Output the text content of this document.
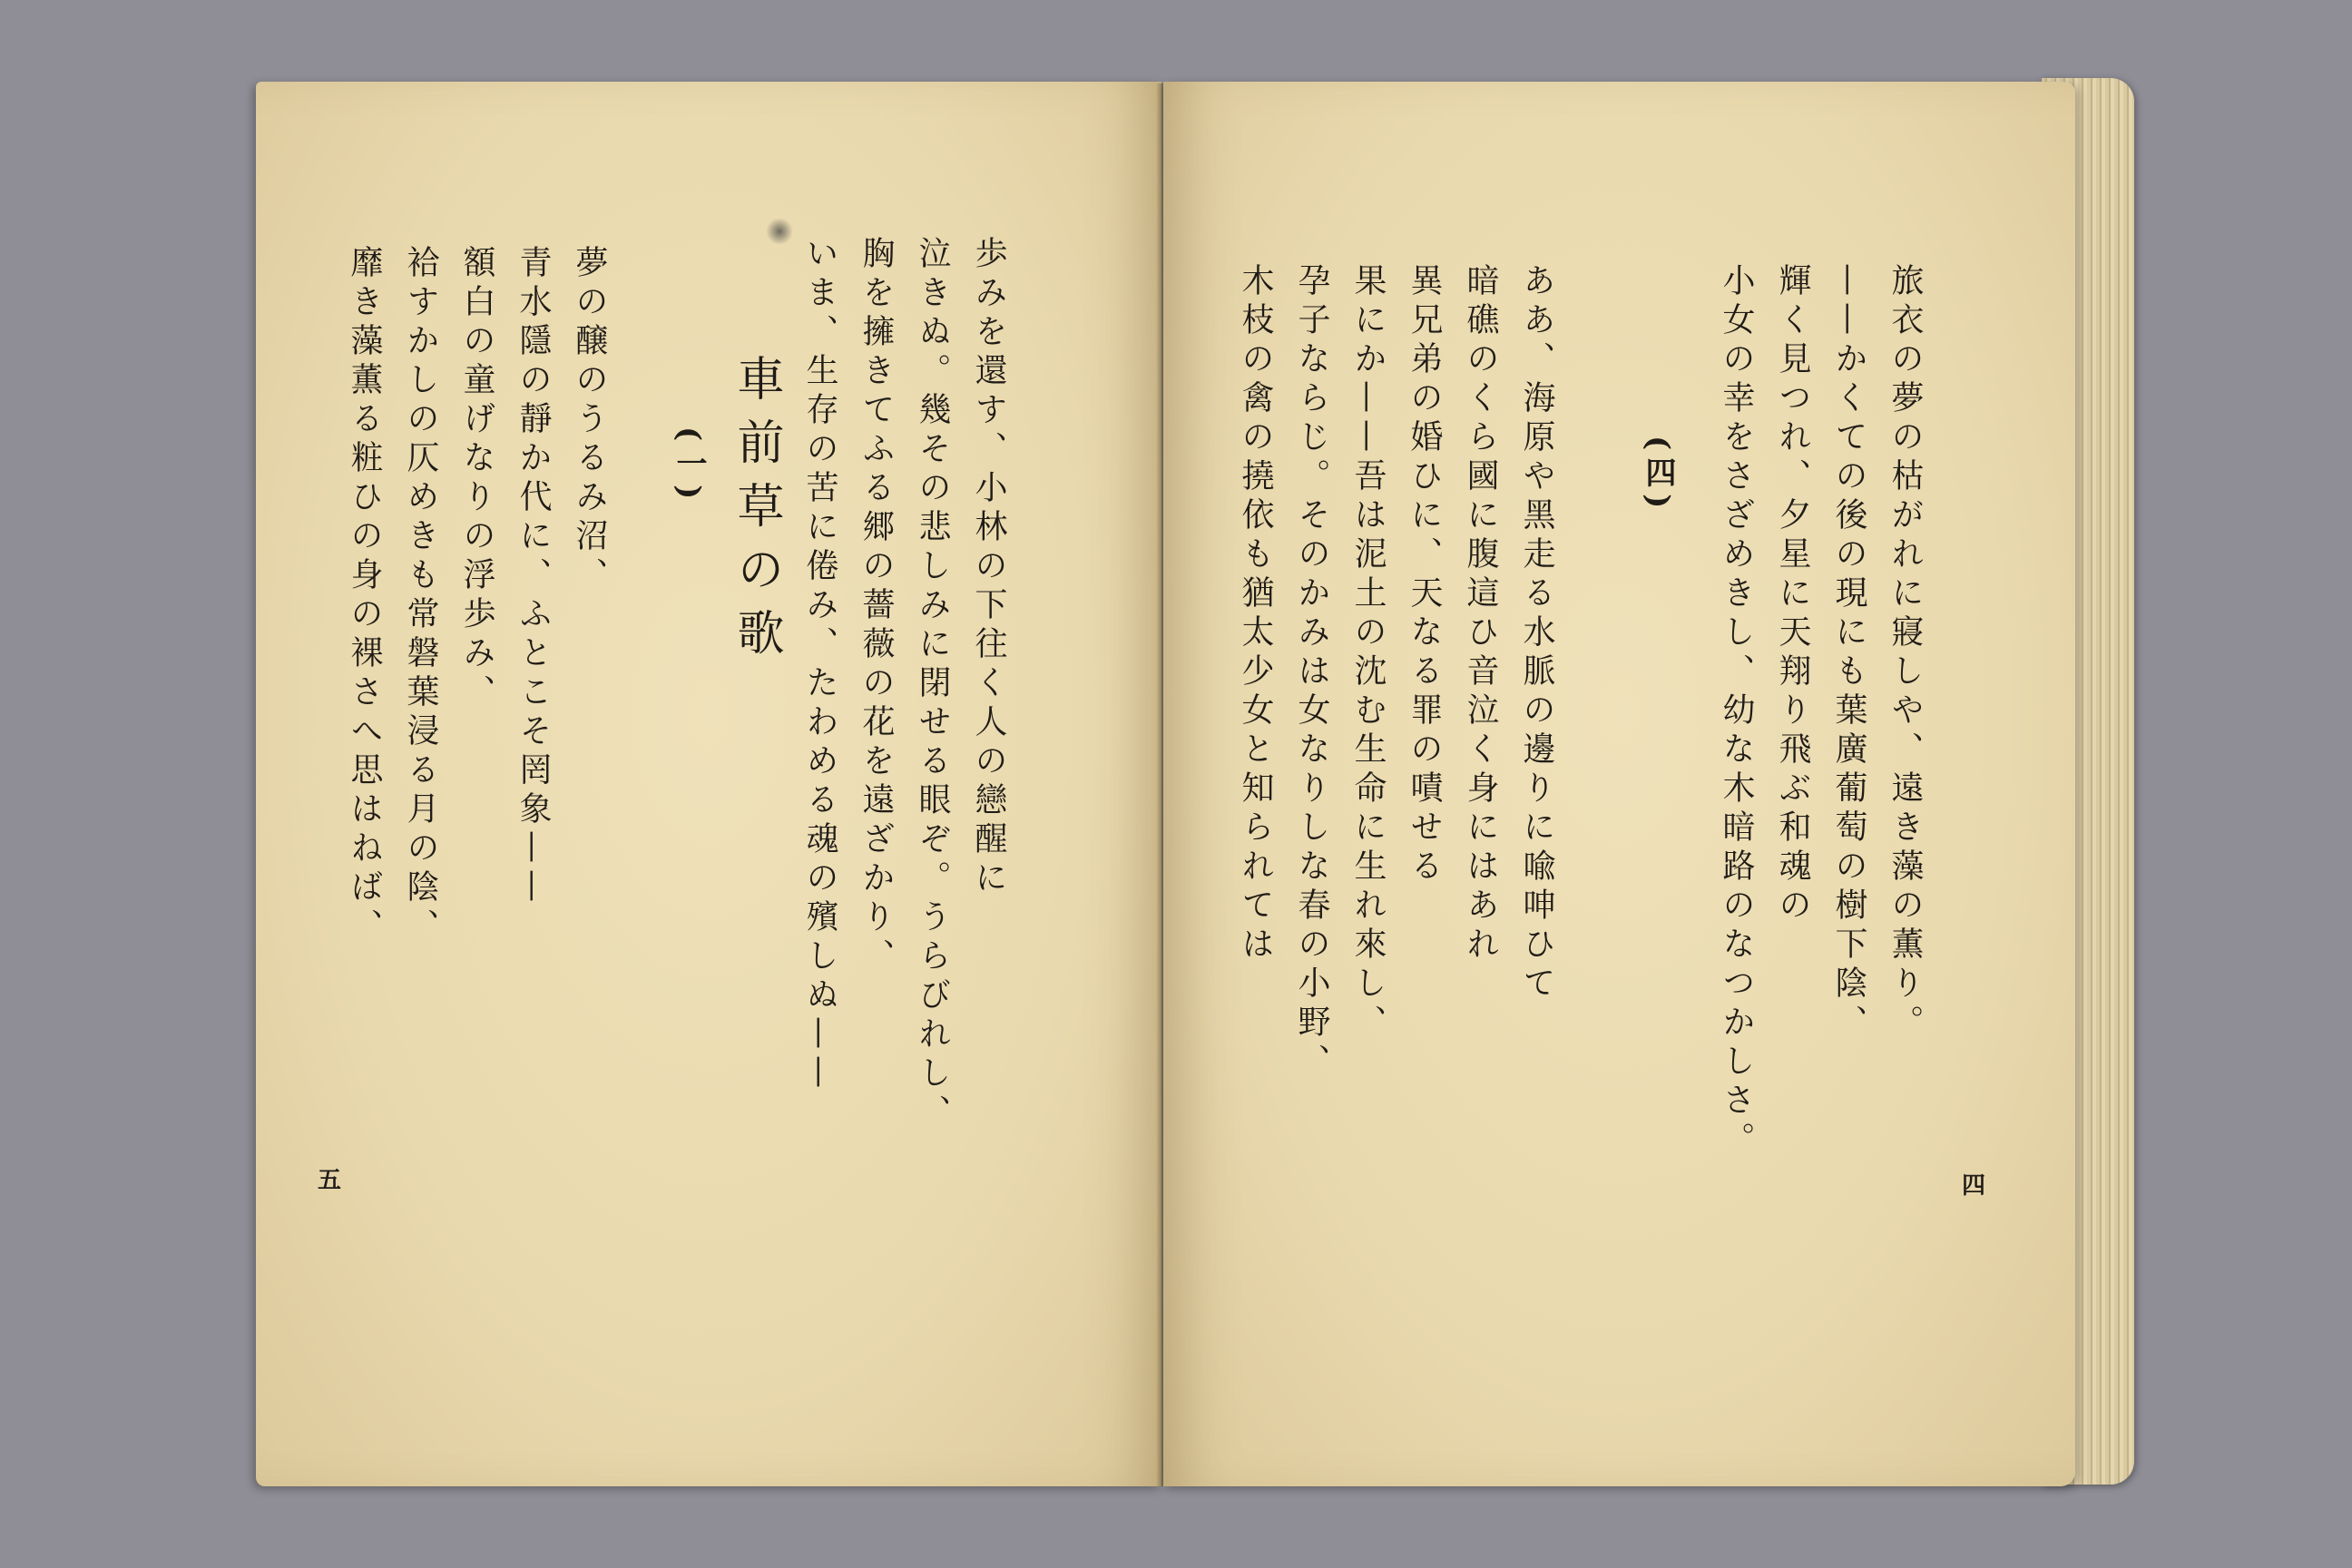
車前草の歌	歩みを還す、小林の下往く人の戀醒に
泣きぬ。幾その悲しみに閉せる眼ぞ。うらびれし、
胸を擁きてふる郷の薔薇の花を遠ざかり、
いま、生存の苦に倦み、たわめる魂の殯しぬ——
(一)
夢の醸のうるみ沼、
青水隱の靜か代に、ふとこそ罔象——
額白の童げなりの浮歩み、
袷すかしの仄めきも常磐葉浸る月の陰、
靡き藻薫る粧ひの身の裸さへ思はねば、
五
旅衣の夢の枯がれに寢しや、遠き藻の薫り。
——かくての後の現にも葉廣葡萄の樹下陰、
輝く見つれ、夕星に天翔り飛ぶ和魂の
小女の幸をさざめきし、幼な木暗路のなつかしさ。
(四)
ああ、海原や黑走る水脈の邊りに喩呻ひて
暗礁のくら國に腹這ひ音泣く身にはあれ
異兄弟の婚ひに、天なる罪の嘖せる
果にか——吾は泥土の沈む生命に生れ來し、
孕子ならじ。そのかみは女なりしな春の小野、
木枝の禽の撓依も猶太少女と知られては
四
